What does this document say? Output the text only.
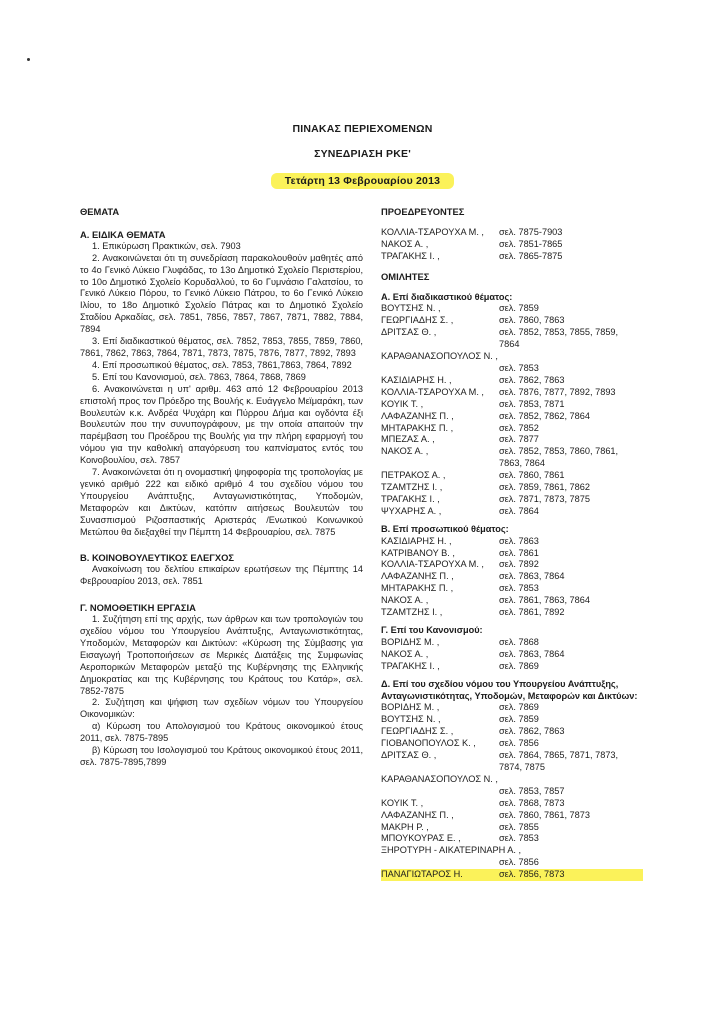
ΠΙΝΑΚΑΣ ΠΕΡΙΕΧΟΜΕΝΩΝ
ΣΥΝΕΔΡΙΑΣΗ ΡΚΕ'
Τετάρτη 13 Φεβρουαρίου 2013
ΘΕΜΑΤΑ
Α. ΕΙΔΙΚΑ ΘΕΜΑΤΑ
1. Επικύρωση Πρακτικών, σελ. 7903
2. Ανακοινώνεται ότι τη συνεδρίαση παρακολουθούν μαθητές από το 4ο Γενικό Λύκειο Γλυφάδας, το 13ο Δημοτικό Σχολείο Περιστερίου, το 10ο Δημοτικό Σχολείο Κορυδαλλού, το 6ο Γυμνάσιο Γαλατσίου, το Γενικό Λύκειο Πόρου, το Γενικό Λύκειο Πάτρου, το 6ο Γενικό Λύκειο Ιλίου, το 18ο Δημοτικό Σχολείο Πάτρας και το Δημοτικό Σχολείο Σταδίου Αρκαδίας, σελ. 7851, 7856, 7857, 7867, 7871, 7882, 7884, 7894
3. Επί διαδικαστικού θέματος, σελ. 7852, 7853, 7855, 7859, 7860, 7861, 7862, 7863, 7864, 7871, 7873, 7875, 7876, 7877, 7892, 7893
4. Επί προσωπικού θέματος, σελ. 7853, 7861,7863, 7864, 7892
5. Επί του Κανονισμού, σελ. 7863, 7864, 7868, 7869
6. Ανακοινώνεται η υπ' αριθμ. 463 από 12 Φεβρουαρίου 2013 επιστολή προς τον Πρόεδρο της Βουλής κ. Ευάγγελο Μεϊμαράκη, των Βουλευτών κ.κ. Ανδρέα Ψυχάρη και Πύρρου Δήμα και ογδόντα έξι Βουλευτών που την συνυπογράφουν, με την οποία απαιτούν την παρέμβαση του Προέδρου της Βουλής για την πλήρη εφαρμογή του νόμου για την καθολική απαγόρευση του καπνίσματος εντός του Κοινοβουλίου, σελ. 7857
7. Ανακοινώνεται ότι η ονομαστική ψηφοφορία της τροπολογίας με γενικό αριθμό 222 και ειδικό αριθμό 4 του σχεδίου νόμου του Υπουργείου Ανάπτυξης, Ανταγωνιστικότητας, Υποδομών, Μεταφορών και Δικτύων, κατόπιν αιτήσεως Βουλευτών του Συνασπισμού Ριζοσπαστικής Αριστεράς /Ενωτικού Κοινωνικού Μετώπου θα διεξαχθεί την Πέμπτη 14 Φεβρουαρίου, σελ. 7875
Β. ΚΟΙΝΟΒΟΥΛΕΥΤΙΚΟΣ ΕΛΕΓΧΟΣ
Ανακοίνωση του δελτίου επικαίρων ερωτήσεων της Πέμπτης 14 Φεβρουαρίου 2013, σελ. 7851
Γ. ΝΟΜΟΘΕΤΙΚΗ ΕΡΓΑΣΙΑ
1. Συζήτηση επί της αρχής, των άρθρων και των τροπολογιών του σχεδίου νόμου του Υπουργείου Ανάπτυξης, Ανταγωνιστικότητας, Υποδομών, Μεταφορών και Δικτύων: «Κύρωση της Σύμβασης για Εισαγωγή Τροποποιήσεων σε Μερικές Διατάξεις της Συμφωνίας Αεροπορικών Μεταφορών μεταξύ της Κυβέρνησης της Ελληνικής Δημοκρατίας και της Κυβέρνησης του Κράτους του Κατάρ», σελ. 7852-7875
2. Συζήτηση και ψήφιση των σχεδίων νόμων του Υπουργείου Οικονομικών:
α) Κύρωση του Απολογισμού του Κράτους οικονομικού έτους 2011, σελ. 7875-7895
β) Κύρωση του Ισολογισμού του Κράτους οικονομικού έτους 2011, σελ. 7875-7895,7899
ΠΡΟΕΔΡΕΥΟΝΤΕΣ
ΚΟΛΛΙΑ-ΤΣΑΡΟΥΧΑ Μ. ,	σελ. 7875-7903
ΝΑΚΟΣ Α. ,	σελ. 7851-7865
ΤΡΑΓΑΚΗΣ Ι. ,	σελ. 7865-7875
ΟΜΙΛΗΤΕΣ
Α. Επί διαδικαστικού θέματος:
ΒΟΥΤΣΗΣ Ν. ,	σελ. 7859
ΓΕΩΡΓΙΑΔΗΣ Σ. ,	σελ. 7860, 7863
ΔΡΙΤΣΑΣ Θ. ,	σελ. 7852, 7853, 7855, 7859,
7864
ΚΑΡΑΘΑΝΑΣΟΠΟΥΛΟΣ Ν. ,
σελ. 7853
ΚΑΣΙΔΙΑΡΗΣ Η. ,	σελ. 7862, 7863
ΚΟΛΛΙΑ-ΤΣΑΡΟΥΧΑ Μ. ,	σελ. 7876, 7877, 7892, 7893
ΚΟΥΙΚ Τ. ,	σελ. 7853, 7871
ΛΑΦΑΖΑΝΗΣ Π. ,	σελ. 7852, 7862, 7864
ΜΗΤΑΡΑΚΗΣ Π. ,	σελ. 7852
ΜΠΕΖΑΣ Α. ,	σελ. 7877
ΝΑΚΟΣ Α. ,	σελ. 7852, 7853, 7860, 7861,
7863, 7864
ΠΕΤΡΑΚΟΣ Α. ,	σελ. 7860, 7861
ΤΖΑΜΤΖΗΣ Ι. ,	σελ. 7859, 7861, 7862
ΤΡΑΓΑΚΗΣ Ι. ,	σελ. 7871, 7873, 7875
ΨΥΧΑΡΗΣ Α. ,	σελ. 7864
Β. Επί προσωπικού θέματος:
ΚΑΣΙΔΙΑΡΗΣ Η. ,	σελ. 7863
ΚΑΤΡΙΒΑΝΟΥ Β. ,	σελ. 7861
ΚΟΛΛΙΑ-ΤΣΑΡΟΥΧΑ Μ. ,	σελ. 7892
ΛΑΦΑΖΑΝΗΣ Π. ,	σελ. 7863, 7864
ΜΗΤΑΡΑΚΗΣ Π. ,	σελ. 7853
ΝΑΚΟΣ Α. ,	σελ. 7861, 7863, 7864
ΤΖΑΜΤΖΗΣ Ι. ,	σελ. 7861, 7892
Γ. Επί του Κανονισμού:
ΒΟΡΙΔΗΣ Μ. ,	σελ. 7868
ΝΑΚΟΣ Α. ,	σελ. 7863, 7864
ΤΡΑΓΑΚΗΣ Ι. ,	σελ. 7869
Δ. Επί του σχεδίου νόμου του Υπουργείου Ανάπτυξης, Ανταγωνιστικότητας, Υποδομών, Μεταφορών και Δικτύων:
ΒΟΡΙΔΗΣ Μ. ,	σελ. 7869
ΒΟΥΤΣΗΣ Ν. ,	σελ. 7859
ΓΕΩΡΓΙΑΔΗΣ Σ. ,	σελ. 7862, 7863
ΓΙΟΒΑΝΟΠΟΥΛΟΣ Κ. ,	σελ. 7856
ΔΡΙΤΣΑΣ Θ. ,	σελ. 7864, 7865, 7871, 7873,
7874, 7875
ΚΑΡΑΘΑΝΑΣΟΠΟΥΛΟΣ Ν. ,
σελ. 7853, 7857
ΚΟΥΙΚ Τ. ,	σελ. 7868, 7873
ΛΑΦΑΖΑΝΗΣ Π. ,	σελ. 7860, 7861, 7873
ΜΑΚΡΗ Ρ. ,	σελ. 7855
ΜΠΟΥΚΟΥΡΑΣ Ε. ,	σελ. 7853
ΞΗΡΟΤΥΡΗ - ΑΙΚΑΤΕΡΙΝΑΡΗ Α. ,
σελ. 7856
ΠΑΝΑΓΙΩΤΑΡΟΣ Η.	σελ. 7856, 7873
